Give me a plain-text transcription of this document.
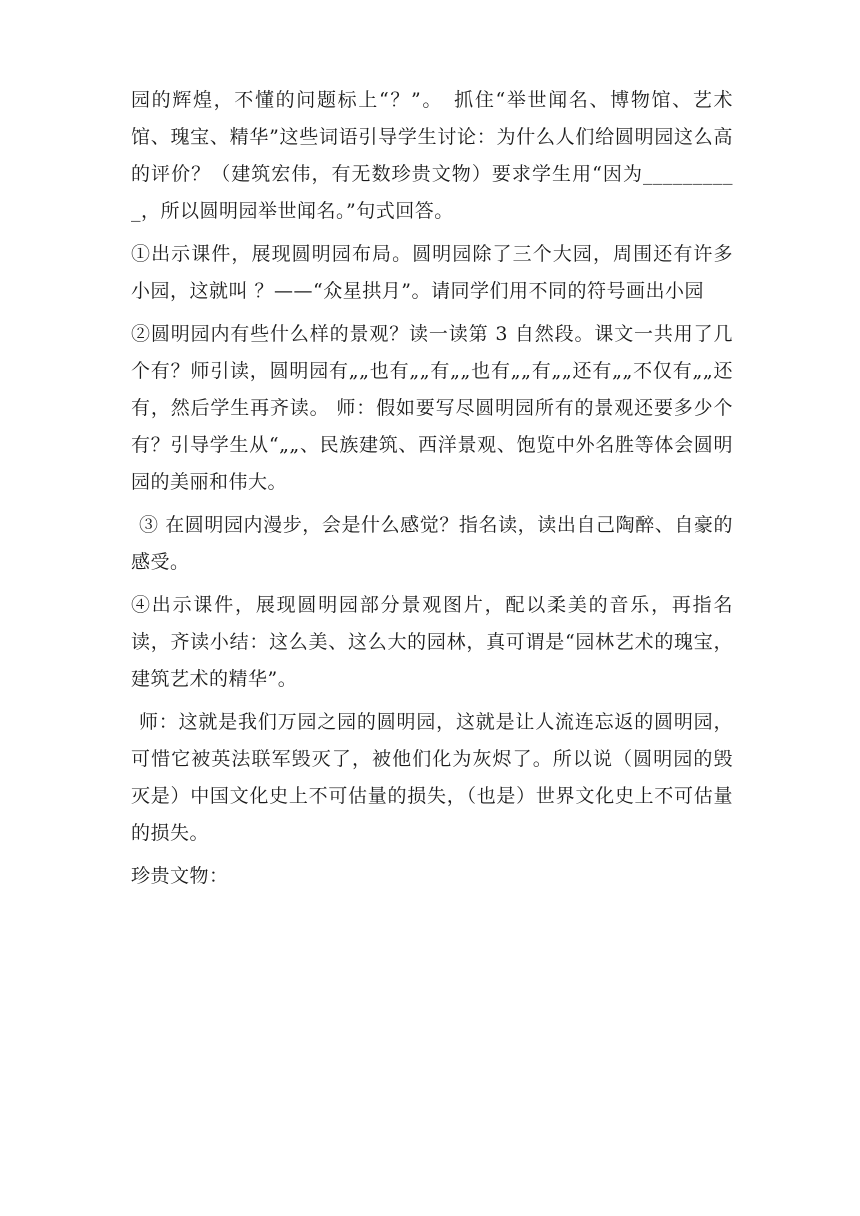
园的辉煌，不懂的问题标上“？”。　抓住“举世闻名、博物馆、艺术馆、瑰宝、精华”这些词语引导学生讨论：为什么人们给圆明园这么高的评价？（建筑宏伟，有无数珍贵文物）要求学生用“因为__________，所以圆明园举世闻名。”句式回答。

①出示课件，展现圆明园布局。圆明园除了三个大园，周围还有许多小园，这就叫 ？——“众星拱月”。请同学们用不同的符号画出小园

②圆明园内有些什么样的景观？读一读第 3 自然段。课文一共用了几个有？师引读，圆明园有„„也有„„有„„也有„„有„„还有„„不仅有„„还有，然后学生再齐读。 师：假如要写尽圆明园所有的景观还要多少个有？引导学生从“„„、民族建筑、西洋景观、饱览中外名胜等体会圆明园的美丽和伟大。

③ 在圆明园内漫步，会是什么感觉？指名读，读出自己陶醉、自豪的感受。

④出示课件，展现圆明园部分景观图片，配以柔美的音乐，再指名读，齐读小结：这么美、这么大的园林，真可谓是“园林艺术的瑰宝，建筑艺术的精华”。

师：这就是我们万园之园的圆明园，这就是让人流连忘返的圆明园，可惜它被英法联军毁灭了，被他们化为灰烬了。所以说（圆明园的毁灭是）中国文化史上不可估量的损失，（也是）世界文化史上不可估量的损失。

珍贵文物：
